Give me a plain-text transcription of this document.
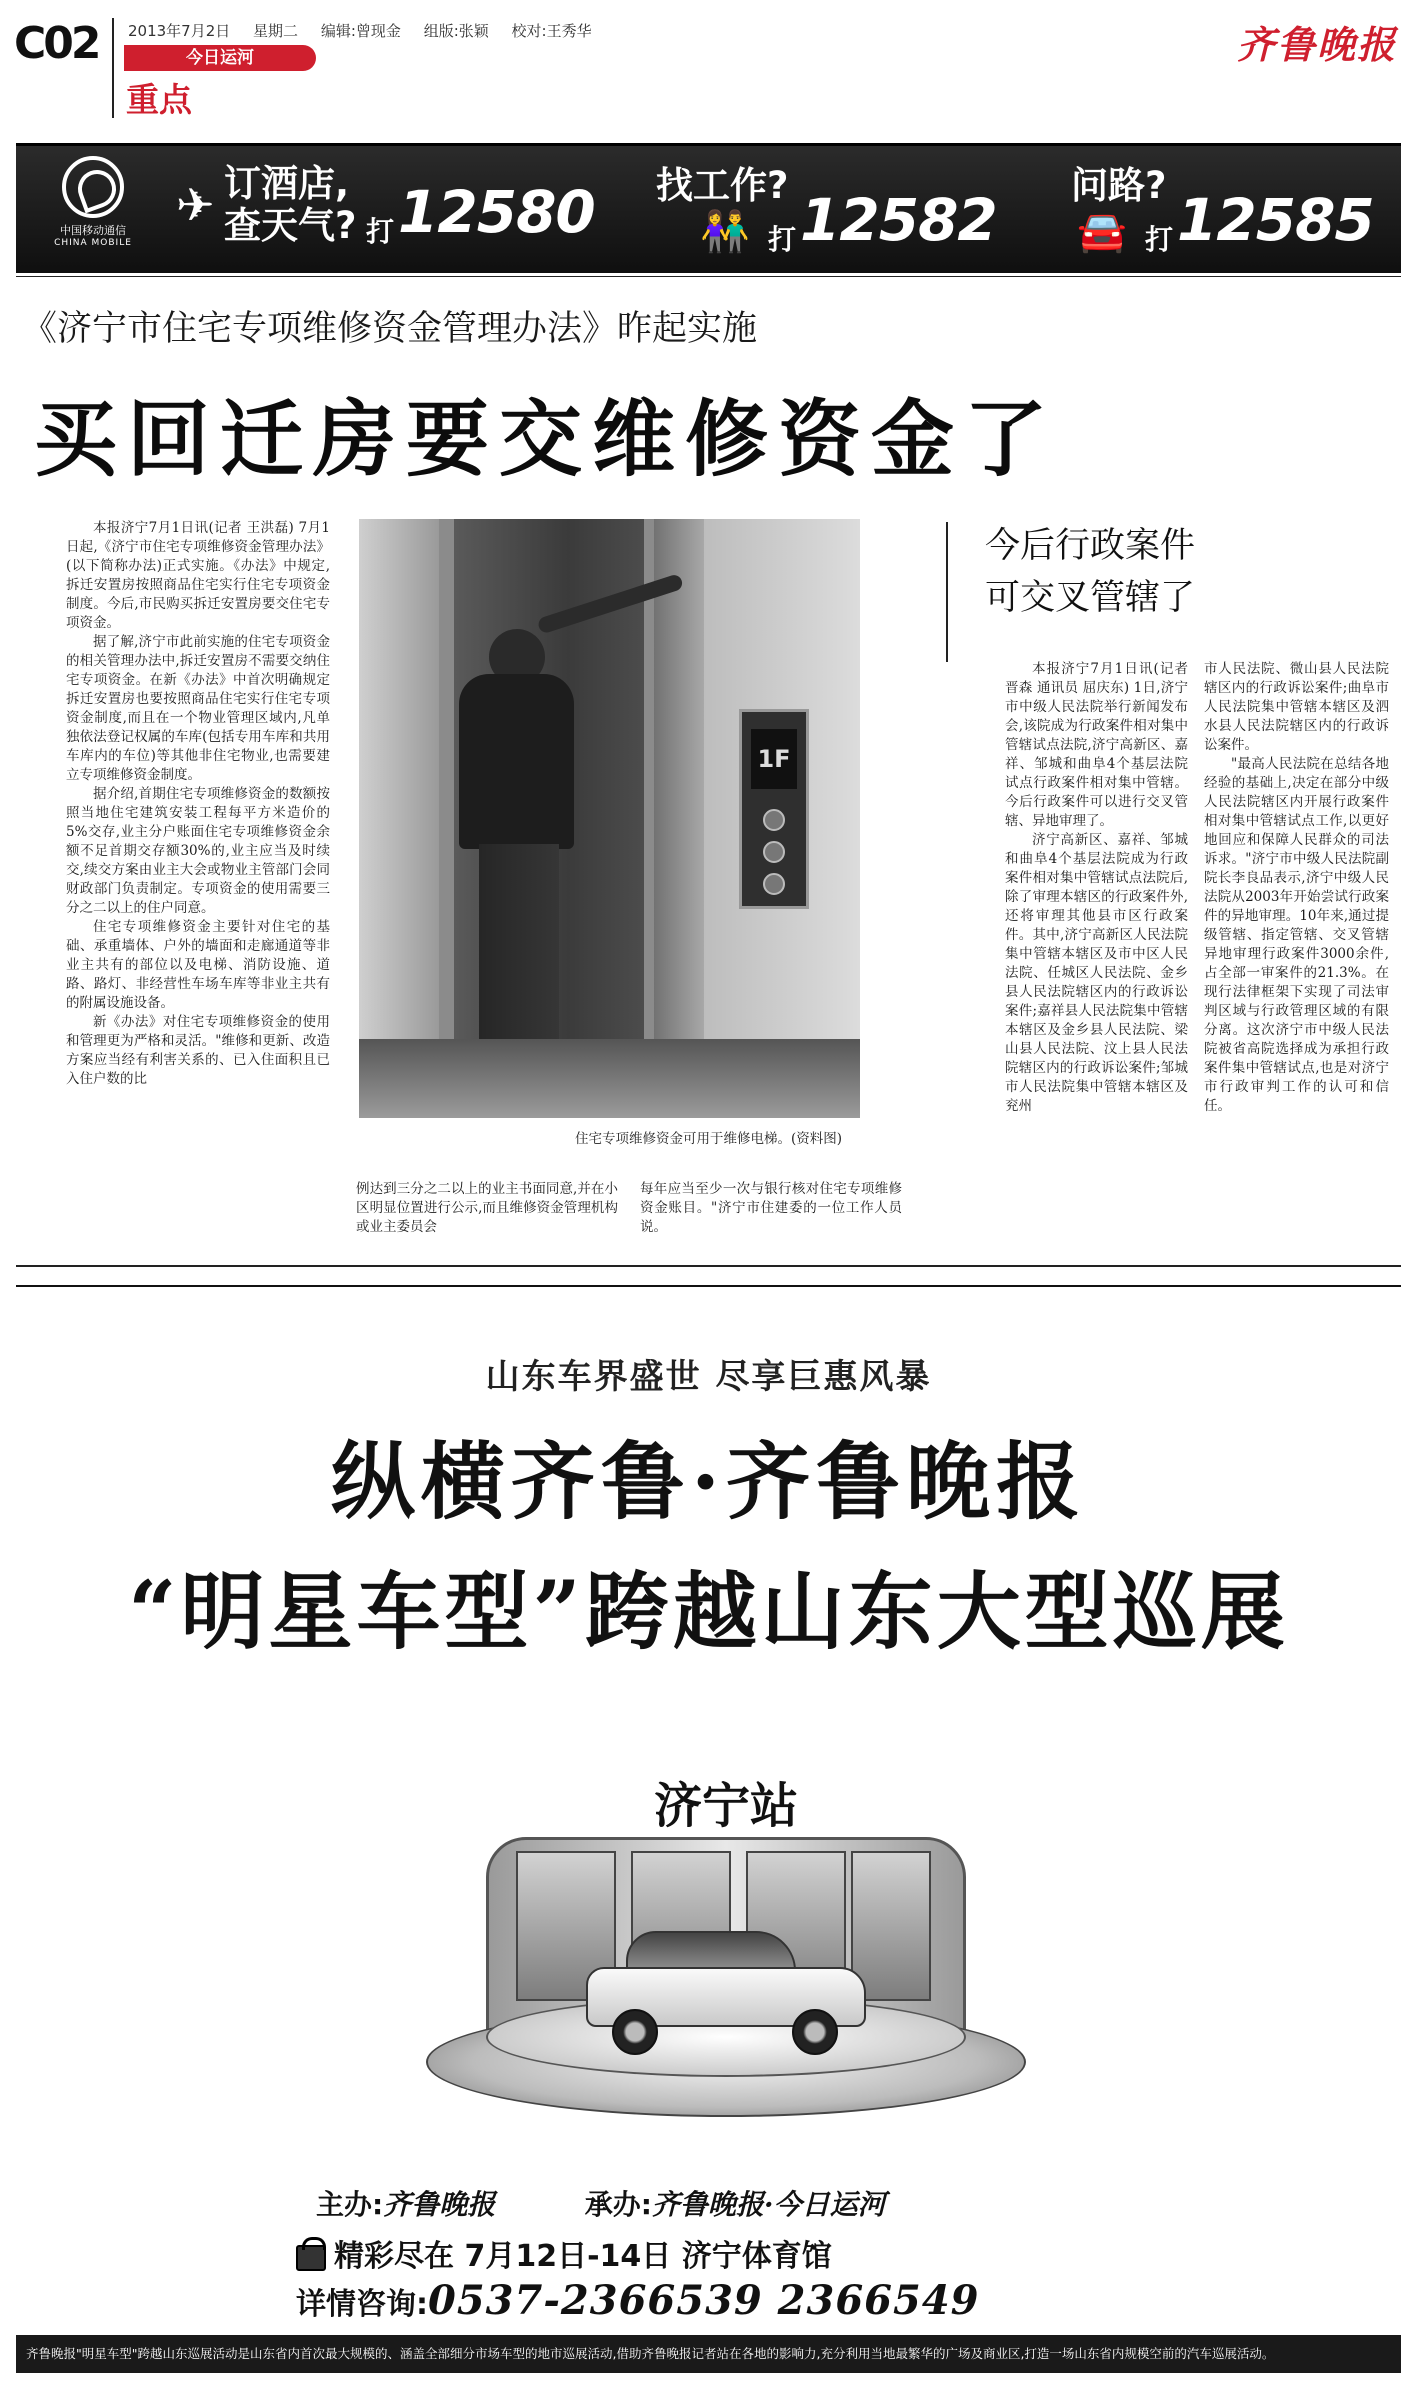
C02 2013年7月2日 星期二 编辑:曾现金 组版:张颖 校对:王秀华
今日运河
重点
齐鲁晚报
中国移动通信
CHINA MOBILE
✈ 订酒店,
查天气? 打 12580 找工作?
👫 打 12582
问路?
🚘 打 12585
《济宁市住宅专项维修资金管理办法》昨起实施
买回迁房要交维修资金了

本报济宁7月1日讯(记者 王洪磊) 7月1日起,《济宁市住宅专项维修资金管理办法》(以下简称办法)正式实施。《办法》中规定,拆迁安置房按照商品住宅实行住宅专项资金制度。今后,市民购买拆迁安置房要交住宅专项资金。

据了解,济宁市此前实施的住宅专项资金的相关管理办法中,拆迁安置房不需要交纳住宅专项资金。在新《办法》中首次明确规定拆迁安置房也要按照商品住宅实行住宅专项资金制度,而且在一个物业管理区域内,凡单独依法登记权属的车库(包括专用车库和共用车库内的车位)等其他非住宅物业,也需要建立专项维修资金制度。

据介绍,首期住宅专项维修资金的数额按照当地住宅建筑安装工程每平方米造价的5%交存,业主分户账面住宅专项维修资金余额不足首期交存额30%的,业主应当及时续交,续交方案由业主大会或物业主管部门会同财政部门负责制定。专项资金的使用需要三分之二以上的住户同意。

住宅专项维修资金主要针对住宅的基础、承重墙体、户外的墙面和走廊通道等非业主共有的部位以及电梯、消防设施、道路、路灯、非经营性车场车库等非业主共有的附属设施设备。

新《办法》对住宅专项维修资金的使用和管理更为严格和灵活。"维修和更新、改造方案应当经有利害关系的、已入住面积且已入住户数的比

1F
住宅专项维修资金可用于维修电梯。(资料图)
例达到三分之二以上的业主书面同意,并在小区明显位置进行公示,而且维修资金管理机构或业主委员会
每年应当至少一次与银行核对住宅专项维修资金账目。"济宁市住建委的一位工作人员说。
今后行政案件
可交叉管辖了

本报济宁7月1日讯(记者 晋森 通讯员 屈庆东) 1日,济宁市中级人民法院举行新闻发布会,该院成为行政案件相对集中管辖试点法院,济宁高新区、嘉祥、邹城和曲阜4个基层法院试点行政案件相对集中管辖。今后行政案件可以进行交叉管辖、异地审理了。

济宁高新区、嘉祥、邹城和曲阜4个基层法院成为行政案件相对集中管辖试点法院后,除了审理本辖区的行政案件外,还将审理其他县市区行政案件。其中,济宁高新区人民法院集中管辖本辖区及市中区人民法院、任城区人民法院、金乡县人民法院辖区内的行政诉讼案件;嘉祥县人民法院集中管辖本辖区及金乡县人民法院、梁山县人民法院、汶上县人民法院辖区内的行政诉讼案件;邹城市人民法院集中管辖本辖区及兖州

市人民法院、微山县人民法院辖区内的行政诉讼案件;曲阜市人民法院集中管辖本辖区及泗水县人民法院辖区内的行政诉讼案件。

"最高人民法院在总结各地经验的基础上,决定在部分中级人民法院辖区内开展行政案件相对集中管辖试点工作,以更好地回应和保障人民群众的司法诉求。"济宁市中级人民法院副院长李良品表示,济宁中级人民法院从2003年开始尝试行政案件的异地审理。10年来,通过提级管辖、指定管辖、交叉管辖异地审理行政案件3000余件,占全部一审案件的21.3%。在现行法律框架下实现了司法审判区域与行政管理区域的有限分离。这次济宁市中级人民法院被省高院选择成为承担行政案件集中管辖试点,也是对济宁市行政审判工作的认可和信任。

山东车界盛世 尽享巨惠风暴
纵横齐鲁·齐鲁晚报
“明星车型”跨越山东大型巡展
济宁站
主办:齐鲁晚报	承办:齐鲁晚报·今日运河
精彩尽在 7月12日-14日 济宁体育馆
详情咨询:0537-2366539 2366549
齐鲁晚报"明星车型"跨越山东巡展活动是山东省内首次最大规模的、涵盖全部细分市场车型的地市巡展活动,借助齐鲁晚报记者站在各地的影响力,充分利用当地最繁华的广场及商业区,打造一场山东省内规模空前的汽车巡展活动。
